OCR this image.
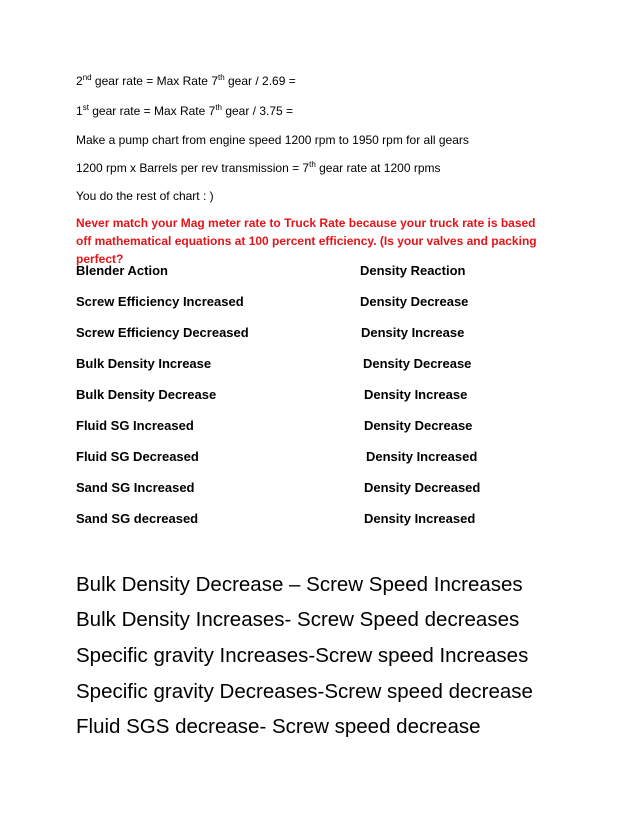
2nd gear rate = Max Rate 7th gear / 2.69 =
1st gear rate = Max Rate 7th gear / 3.75 =
Make a pump chart from engine speed 1200 rpm to 1950 rpm for all gears
1200 rpm x Barrels per rev transmission = 7th gear rate at 1200 rpms
You do the rest of chart : )
Never match your Mag meter rate to Truck Rate because your truck rate is based off mathematical equations at 100 percent efficiency. (Is your valves and packing perfect?
Blender Action	Density Reaction
Screw Efficiency Increased	Density Decrease
Screw Efficiency Decreased	Density Increase
Bulk Density Increase	Density Decrease
Bulk Density Decrease	Density Increase
Fluid SG Increased	Density Decrease
Fluid SG Decreased	Density Increased
Sand SG Increased	Density Decreased
Sand SG decreased	Density Increased
Bulk Density Decrease – Screw Speed Increases
Bulk Density Increases- Screw Speed decreases
Specific gravity Increases-Screw speed Increases
Specific gravity Decreases-Screw speed decrease
Fluid SGS decrease- Screw speed decrease
